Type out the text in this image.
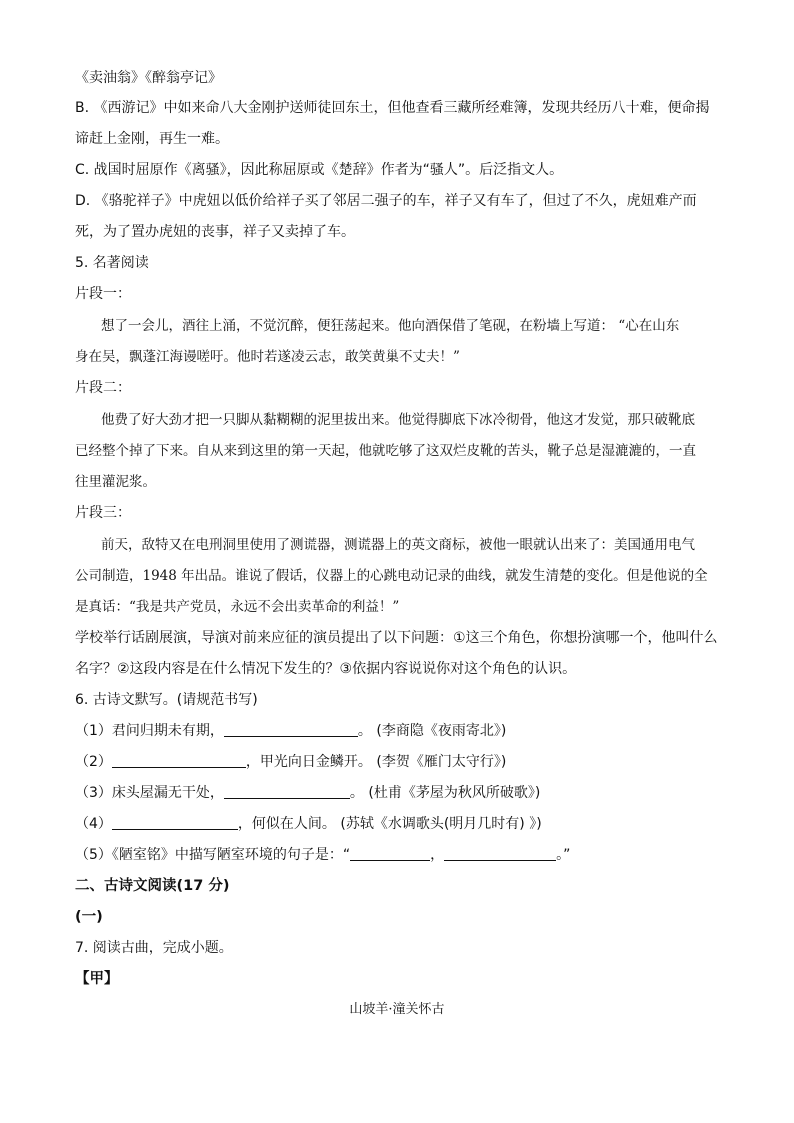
《卖油翁》《醉翁亭记》
B. 《西游记》中如来命八大金刚护送师徒回东土，但他查看三藏所经难簿，发现共经历八十难，便命揭
谛赶上金刚，再生一难。
C. 战国时屈原作《离骚》，因此称屈原或《楚辞》作者为“骚人”。后泛指文人。
D. 《骆驼祥子》中虎妞以低价给祥子买了邻居二强子的车，祥子又有车了，但过了不久，虎妞难产而
死，为了置办虎妞的丧事，祥子又卖掉了车。
5. 名著阅读
片段一：
想了一会儿，酒往上涌，不觉沉醉，便狂荡起来。他向酒保借了笔砚，在粉墙上写道： “心在山东
身在吴，飘蓬江海谩嗟吁。他时若遂凌云志，敢笑黄巢不丈夫！”
片段二：
他费了好大劲才把一只脚从黏糊糊的泥里拔出来。他觉得脚底下冰冷彻骨，他这才发觉，那只破靴底
已经整个掉了下来。自从来到这里的第一天起，他就吃够了这双烂皮靴的苦头，靴子总是湿漉漉的，一直
往里灌泥浆。
片段三：
前天，敌特又在电刑洞里使用了测谎器，测谎器上的英文商标，被他一眼就认出来了：美国通用电气
公司制造，1948 年出品。谁说了假话，仪器上的心跳电动记录的曲线，就发生清楚的变化。但是他说的全
是真话：“我是共产党员，永远不会出卖革命的利益！”
学校举行话剧展演，导演对前来应征的演员提出了以下问题：①这三个角色，你想扮演哪一个，他叫什么
名字？②这段内容是在什么情况下发生的？③依据内容说说你对这个角色的认识。
6. 古诗文默写。(请规范书写)
（1）君问归期未有期，	。 (李商隐《夜雨寄北》)
（2）	，甲光向日金鳞开。 (李贺《雁门太守行》)
（3）床头屋漏无干处，	。 (杜甫《茅屋为秋风所破歌》)
（4）	，何似在人间。 (苏轼《水调歌头(明月几时有) 》)
（5）《陋室铭》中描写陋室环境的句子是：“	，	。”
二、古诗文阅读(17 分)
(一)
7. 阅读古曲，完成小题。
【甲】
山坡羊·潼关怀古
